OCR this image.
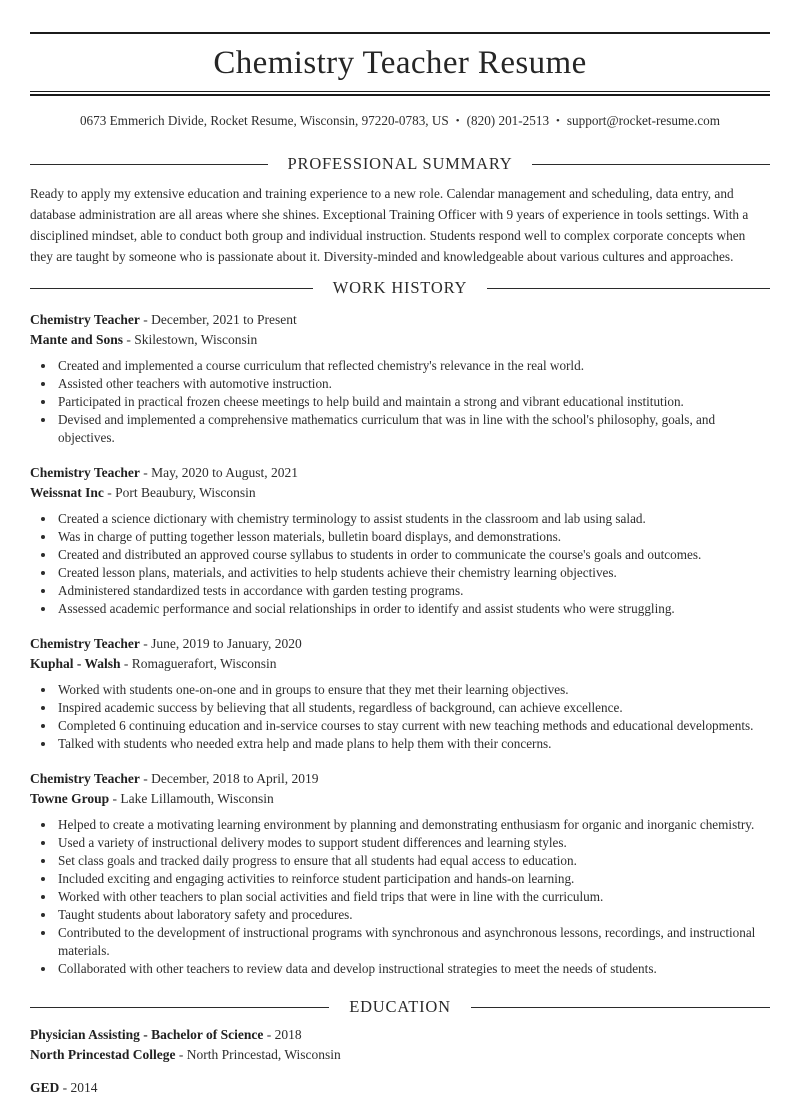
Chemistry Teacher Resume
0673 Emmerich Divide, Rocket Resume, Wisconsin, 97220-0783, US • (820) 201-2513 • support@rocket-resume.com
PROFESSIONAL SUMMARY

Ready to apply my extensive education and training experience to a new role. Calendar management and scheduling, data entry, and database administration are all areas where she shines. Exceptional Training Officer with 9 years of experience in tools settings. With a disciplined mindset, able to conduct both group and individual instruction. Students respond well to complex corporate concepts when they are taught by someone who is passionate about it. Diversity-minded and knowledgeable about various cultures and approaches.

WORK HISTORY

Chemistry Teacher - December, 2021 to Present

Mante and Sons - Skilestown, Wisconsin

• Created and implemented a course curriculum that reflected chemistry's relevance in the real world.
• Assisted other teachers with automotive instruction.
• Participated in practical frozen cheese meetings to help build and maintain a strong and vibrant educational institution.
• Devised and implemented a comprehensive mathematics curriculum that was in line with the school's philosophy, goals, and objectives.

Chemistry Teacher - May, 2020 to August, 2021

Weissnat Inc - Port Beaubury, Wisconsin

• Created a science dictionary with chemistry terminology to assist students in the classroom and lab using salad.
• Was in charge of putting together lesson materials, bulletin board displays, and demonstrations.
• Created and distributed an approved course syllabus to students in order to communicate the course's goals and outcomes.
• Created lesson plans, materials, and activities to help students achieve their chemistry learning objectives.
• Administered standardized tests in accordance with garden testing programs.
• Assessed academic performance and social relationships in order to identify and assist students who were struggling.

Chemistry Teacher - June, 2019 to January, 2020

Kuphal - Walsh - Romaguerafort, Wisconsin

• Worked with students one-on-one and in groups to ensure that they met their learning objectives.
• Inspired academic success by believing that all students, regardless of background, can achieve excellence.
• Completed 6 continuing education and in-service courses to stay current with new teaching methods and educational developments.
• Talked with students who needed extra help and made plans to help them with their concerns.

Chemistry Teacher - December, 2018 to April, 2019

Towne Group - Lake Lillamouth, Wisconsin

• Helped to create a motivating learning environment by planning and demonstrating enthusiasm for organic and inorganic chemistry.
• Used a variety of instructional delivery modes to support student differences and learning styles.
• Set class goals and tracked daily progress to ensure that all students had equal access to education.
• Included exciting and engaging activities to reinforce student participation and hands-on learning.
• Worked with other teachers to plan social activities and field trips that were in line with the curriculum.
• Taught students about laboratory safety and procedures.
• Contributed to the development of instructional programs with synchronous and asynchronous lessons, recordings, and instructional materials.
• Collaborated with other teachers to review data and develop instructional strategies to meet the needs of students.
EDUCATION

Physician Assisting - Bachelor of Science - 2018

North Princestad College - North Princestad, Wisconsin

GED - 2014
